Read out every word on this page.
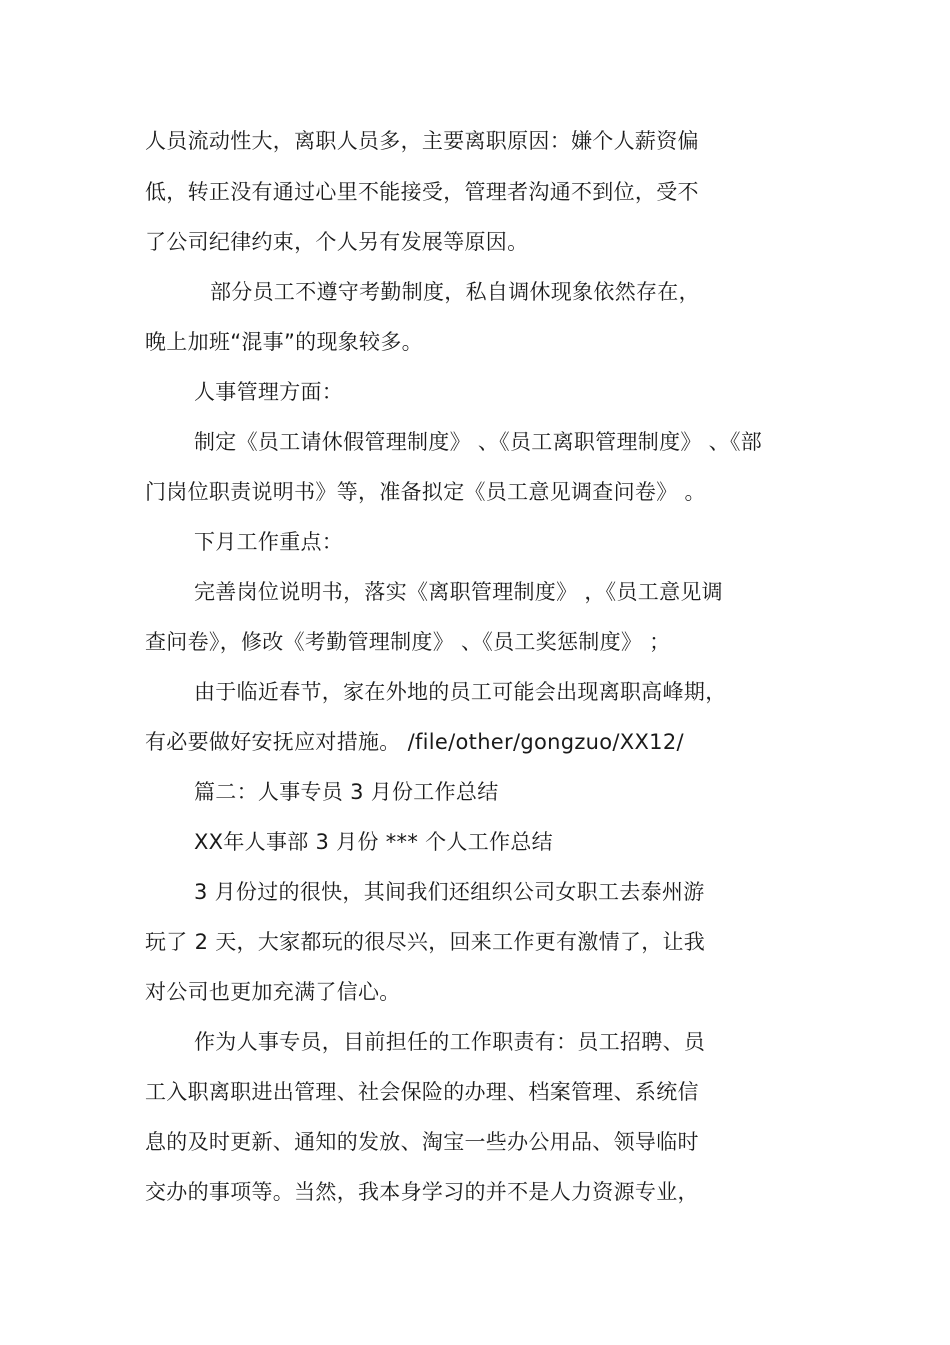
人员流动性大，离职人员多，主要离职原因：嫌个人薪资偏
低，转正没有通过心里不能接受，管理者沟通不到位，受不
了公司纪律约束，个人另有发展等原因。
部分员工不遵守考勤制度，私自调休现象依然存在，
晚上加班“混事”的现象较多。
人事管理方面：
制定《员工请休假管理制度》 、《员工离职管理制度》 、《部
门岗位职责说明书》等，准备拟定《员工意见调查问卷》 。
下月工作重点：
完善岗位说明书，落实《离职管理制度》 ，《员工意见调
查问卷》，修改《考勤管理制度》 、《员工奖惩制度》 ；
由于临近春节，家在外地的员工可能会出现离职高峰期，
有必要做好安抚应对措施。 /file/other/gongzuo/XX12/
篇二：人事专员 3 月份工作总结
XX年人事部 3 月份 *** 个人工作总结
3 月份过的很快，其间我们还组织公司女职工去泰州游
玩了 2 天，大家都玩的很尽兴，回来工作更有激情了，让我
对公司也更加充满了信心。
作为人事专员，目前担任的工作职责有：员工招聘、员
工入职离职进出管理、社会保险的办理、档案管理、系统信
息的及时更新、通知的发放、淘宝一些办公用品、领导临时
交办的事项等。当然，我本身学习的并不是人力资源专业，
